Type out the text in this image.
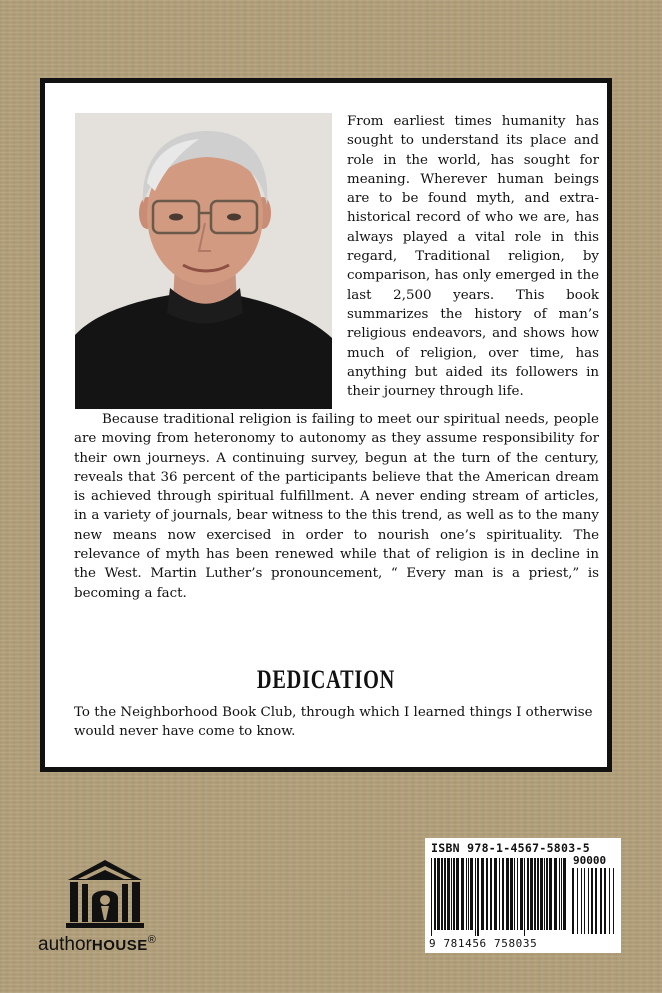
From earliest times humanity has sought to understand its place and role in the world, has sought for meaning. Wherever human beings are to be found myth, and extra-historical record of who we are, has always played a vital role in this regard, Traditional religion, by comparison, has only emerged in the last 2,500 years. This book summarizes the history of man’s religious endeavors, and shows how much of religion, over time, has anything but aided its followers in their journey through life.
Because traditional religion is failing to meet our spiritual needs, people are moving from heteronomy to autonomy as they assume responsibility for their own journeys. A continuing survey, begun at the turn of the century, reveals that 36 percent of the participants believe that the American dream is achieved through spiritual fulfillment. A never ending stream of articles, in a variety of journals, bear witness to the this trend, as well as to the many new means now exercised in order to nourish one’s spirituality. The relevance of myth has been renewed while that of religion is in decline in the West. Martin Luther’s pronouncement, “ Every man is a priest,” is becoming a fact.
DEDICATION
To the Neighborhood Book Club, through which I learned things I otherwise would never have come to know.
ISBN 978-1-4567-5803-5
90000
9 781456 758035
authorHOUSE®
